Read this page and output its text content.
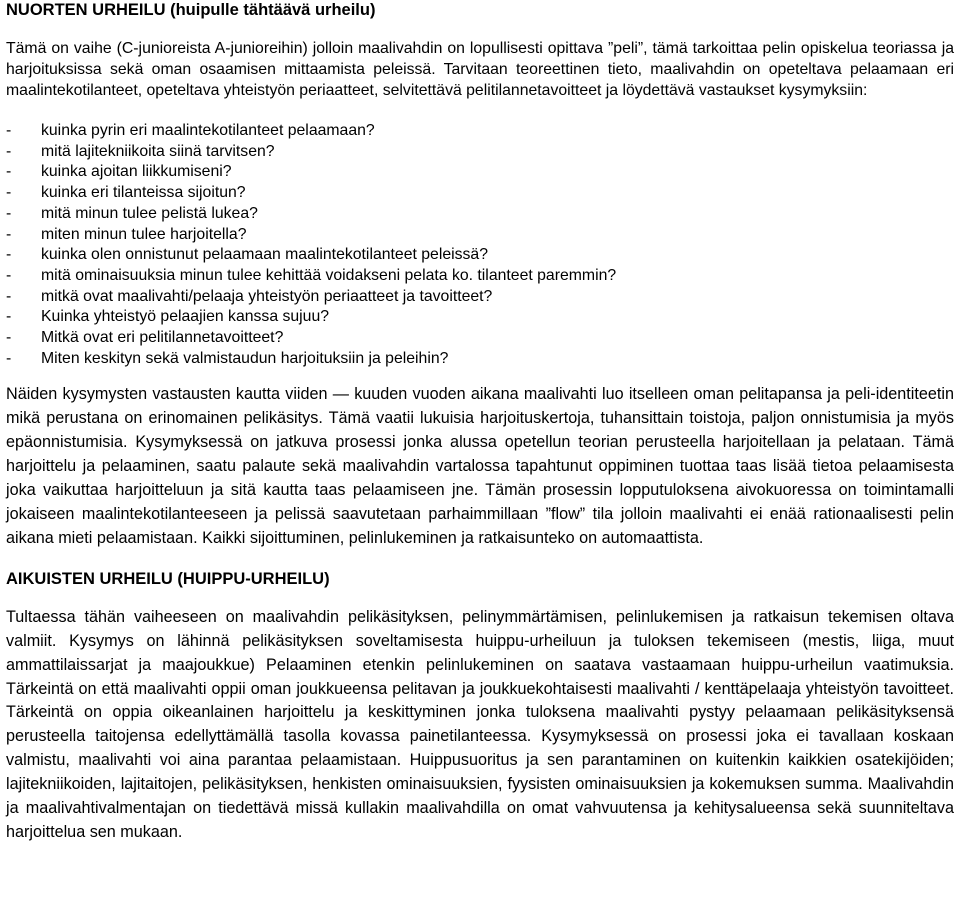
NUORTEN URHEILU (huipulle tähtäävä urheilu)

Tämä on vaihe (C-junioreista A-junioreihin) jolloin maalivahdin on lopullisesti opittava ”peli”, tämä tarkoittaa pelin opiskelua teoriassa ja harjoituksissa sekä oman osaamisen mittaamista peleissä. Tarvitaan teoreettinen tieto, maalivahdin on opeteltava pelaamaan eri maalintekotilanteet, opeteltava yhteistyön periaatteet, selvitettävä pelitilannetavoitteet ja löydettävä vastaukset kysymyksiin:

- kuinka pyrin eri maalintekotilanteet pelaamaan?
- mitä lajitekniikoita siinä tarvitsen?
- kuinka ajoitan liikkumiseni?
- kuinka eri tilanteissa sijoitun?
- mitä minun tulee pelistä lukea?
- miten minun tulee harjoitella?
- kuinka olen onnistunut pelaamaan maalintekotilanteet peleissä?
- mitä ominaisuuksia minun tulee kehittää voidakseni pelata ko. tilanteet paremmin?
- mitkä ovat maalivahti/pelaaja yhteistyön periaatteet ja tavoitteet?
- Kuinka yhteistyö pelaajien kanssa sujuu?
- Mitkä ovat eri pelitilannetavoitteet?
- Miten keskityn sekä valmistaudun harjoituksiin ja peleihin?

Näiden kysymysten vastausten kautta viiden — kuuden vuoden aikana maalivahti luo itselleen oman pelitapansa ja peli-identiteetin mikä perustana on erinomainen pelikäsitys. Tämä vaatii lukuisia harjoituskertoja, tuhansittain toistoja, paljon onnistumisia ja myös epäonnistumisia. Kysymyksessä on jatkuva prosessi jonka alussa opetellun teorian perusteella harjoitellaan ja pelataan. Tämä harjoittelu ja pelaaminen, saatu palaute sekä maalivahdin vartalossa tapahtunut oppiminen tuottaa taas lisää tietoa pelaamisesta joka vaikuttaa harjoitteluun ja sitä kautta taas pelaamiseen jne. Tämän prosessin lopputuloksena aivokuoressa on toimintamalli jokaiseen maalintekotilanteeseen ja pelissä saavutetaan parhaimmillaan ”flow” tila jolloin maalivahti ei enää rationaalisesti pelin aikana mieti pelaamistaan. Kaikki sijoittuminen, pelinlukeminen ja ratkaisunteko on automaattista.

AIKUISTEN URHEILU (HUIPPU-URHEILU)

Tultaessa tähän vaiheeseen on maalivahdin pelikäsityksen, pelinymmärtämisen, pelinlukemisen ja ratkaisun tekemisen oltava valmiit. Kysymys on lähinnä pelikäsityksen soveltamisesta huippu-urheiluun ja tuloksen tekemiseen (mestis, liiga, muut ammattilaissarjat ja maajoukkue) Pelaaminen etenkin pelinlukeminen on saatava vastaamaan huippu-urheilun vaatimuksia. Tärkeintä on että maalivahti oppii oman joukkueensa pelitavan ja joukkuekohtaisesti maalivahti / kenttäpelaaja yhteistyön tavoitteet. Tärkeintä on oppia oikeanlainen harjoittelu ja keskittyminen jonka tuloksena maalivahti pystyy pelaamaan pelikäsityksensä perusteella taitojensa edellyttämällä tasolla kovassa painetilanteessa. Kysymyksessä on prosessi joka ei tavallaan koskaan valmistu, maalivahti voi aina parantaa pelaamistaan. Huippusuoritus ja sen parantaminen on kuitenkin kaikkien osatekijöiden; lajitekniikoiden, lajitaitojen, pelikäsityksen, henkisten ominaisuuksien, fyysisten ominaisuuksien ja kokemuksen summa. Maalivahdin ja maalivahtivalmentajan on tiedettävä missä kullakin maalivahdilla on omat vahvuutensa ja kehitysalueensa sekä suunniteltava harjoittelua sen mukaan.
